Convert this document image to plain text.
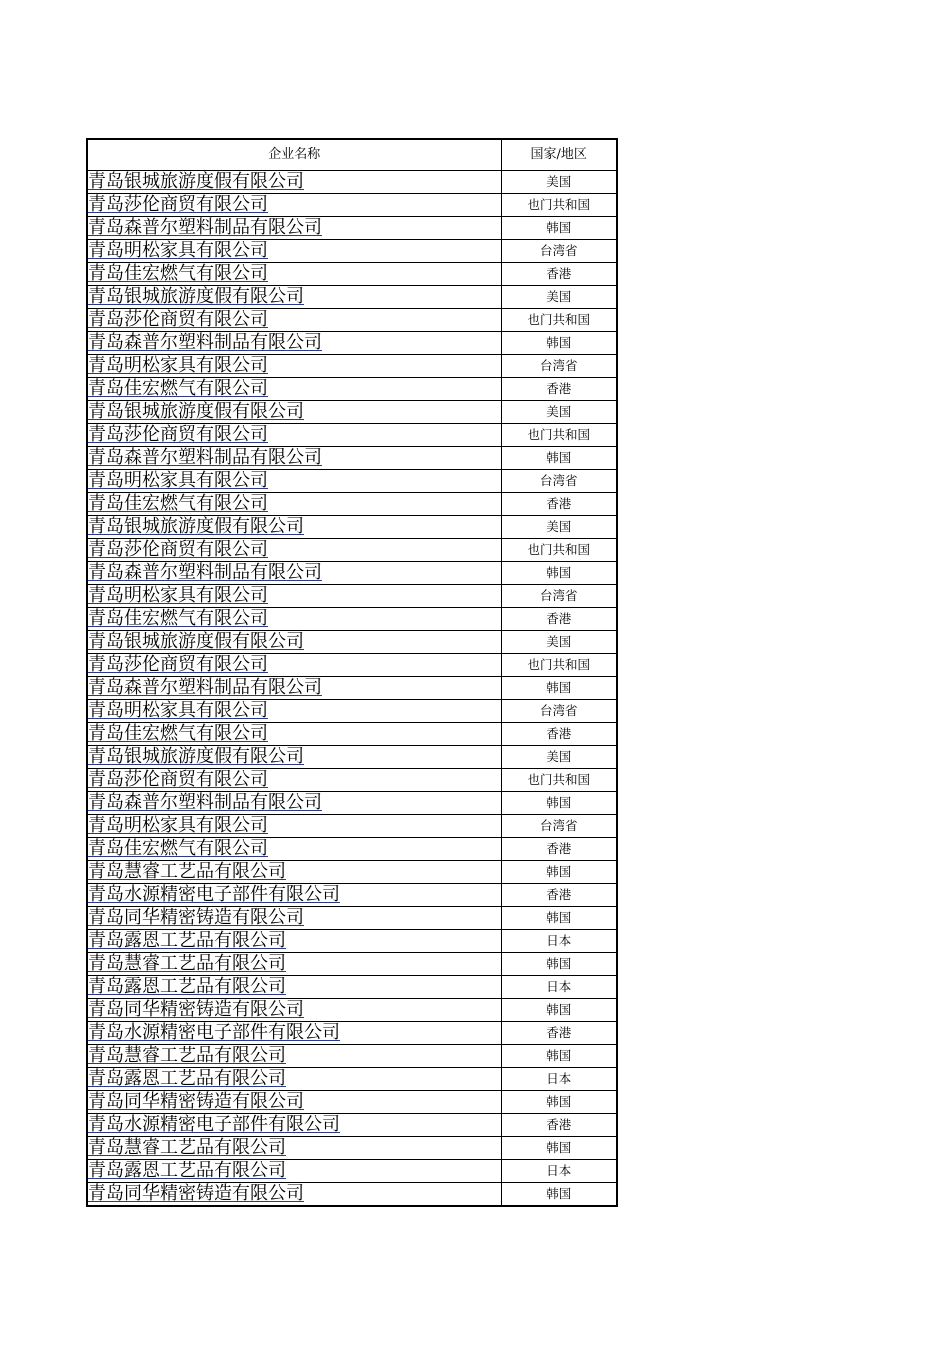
企业名称	国家/地区
青岛银城旅游度假有限公司	美国
青岛莎伦商贸有限公司	也门共和国
青岛森普尔塑料制品有限公司	韩国
青岛明松家具有限公司	台湾省
青岛佳宏燃气有限公司	香港
青岛银城旅游度假有限公司	美国
青岛莎伦商贸有限公司	也门共和国
青岛森普尔塑料制品有限公司	韩国
青岛明松家具有限公司	台湾省
青岛佳宏燃气有限公司	香港
青岛银城旅游度假有限公司	美国
青岛莎伦商贸有限公司	也门共和国
青岛森普尔塑料制品有限公司	韩国
青岛明松家具有限公司	台湾省
青岛佳宏燃气有限公司	香港
青岛银城旅游度假有限公司	美国
青岛莎伦商贸有限公司	也门共和国
青岛森普尔塑料制品有限公司	韩国
青岛明松家具有限公司	台湾省
青岛佳宏燃气有限公司	香港
青岛银城旅游度假有限公司	美国
青岛莎伦商贸有限公司	也门共和国
青岛森普尔塑料制品有限公司	韩国
青岛明松家具有限公司	台湾省
青岛佳宏燃气有限公司	香港
青岛银城旅游度假有限公司	美国
青岛莎伦商贸有限公司	也门共和国
青岛森普尔塑料制品有限公司	韩国
青岛明松家具有限公司	台湾省
青岛佳宏燃气有限公司	香港
青岛慧睿工艺品有限公司	韩国
青岛水源精密电子部件有限公司	香港
青岛同华精密铸造有限公司	韩国
青岛露恩工艺品有限公司	日本
青岛慧睿工艺品有限公司	韩国
青岛露恩工艺品有限公司	日本
青岛同华精密铸造有限公司	韩国
青岛水源精密电子部件有限公司	香港
青岛慧睿工艺品有限公司	韩国
青岛露恩工艺品有限公司	日本
青岛同华精密铸造有限公司	韩国
青岛水源精密电子部件有限公司	香港
青岛慧睿工艺品有限公司	韩国
青岛露恩工艺品有限公司	日本
青岛同华精密铸造有限公司	韩国
